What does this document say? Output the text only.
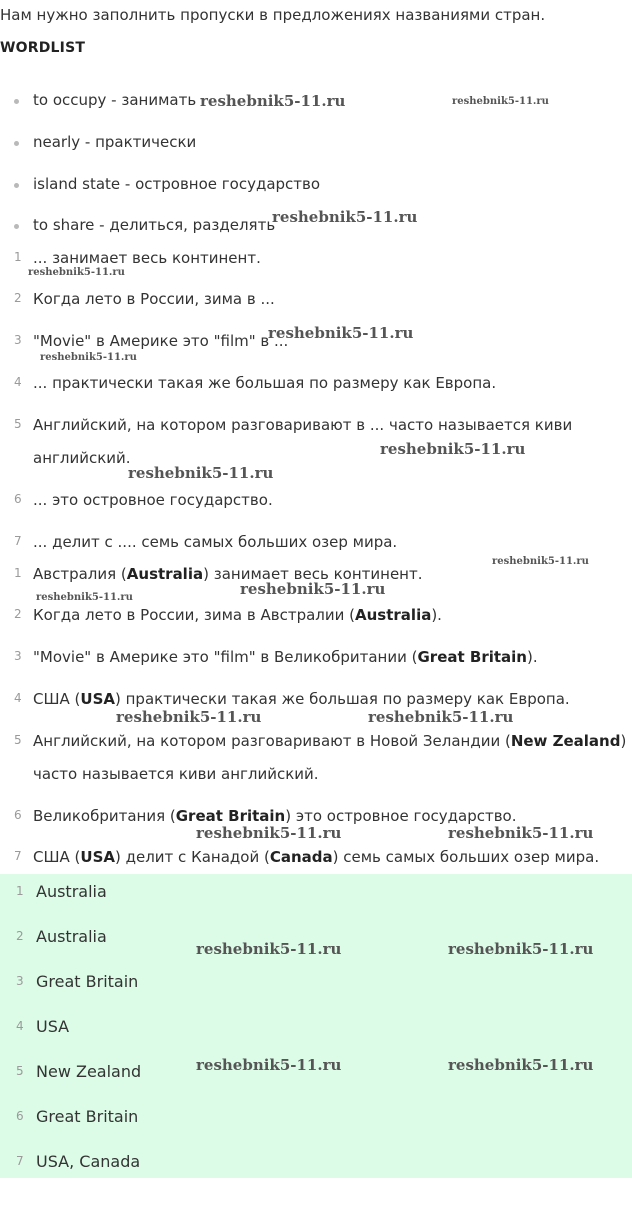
Нам нужно заполнить пропуски в предложениях названиями стран.
WORDLIST
to occupy - занимать
nearly - практически
island state - островное государство
to share - делиться, разделять
1 ... занимает весь континент.
2 Когда лето в России, зима в ...
3 "Movie" в Америке это "film" в ...
4 ... практически такая же большая по размеру как Европа.
5 Английский, на котором разговаривают в ... часто называется киви
английский.
6 ... это островное государство.
7 ... делит с .... семь самых больших озер мира.
1 Австралия (Australia) занимает весь континент.
2 Когда лето в России, зима в Австралии (Australia).
3 "Movie" в Америке это "film" в Великобритании (Great Britain).
4 США (USA) практически такая же большая по размеру как Европа.
5 Английский, на котором разговаривают в Новой Зеландии (New Zealand)
часто называется киви английский.
6 Великобритания (Great Britain) это островное государство.
7 США (USA) делит с Канадой (Canada) семь самых больших озер мира.
1 Australia
2 Australia
3 Great Britain
4 USA
5 New Zealand
6 Great Britain
7 USA, Canada
reshebnik5-11.ru	reshebnik5-11.ru
reshebnik5-11.ru
reshebnik5-11.ru
reshebnik5-11.ru
reshebnik5-11.ru
reshebnik5-11.ru
reshebnik5-11.ru
reshebnik5-11.ru
reshebnik5-11.ru
reshebnik5-11.ru
reshebnik5-11.ru	reshebnik5-11.ru
reshebnik5-11.ru	reshebnik5-11.ru
reshebnik5-11.ru	reshebnik5-11.ru
reshebnik5-11.ru	reshebnik5-11.ru
